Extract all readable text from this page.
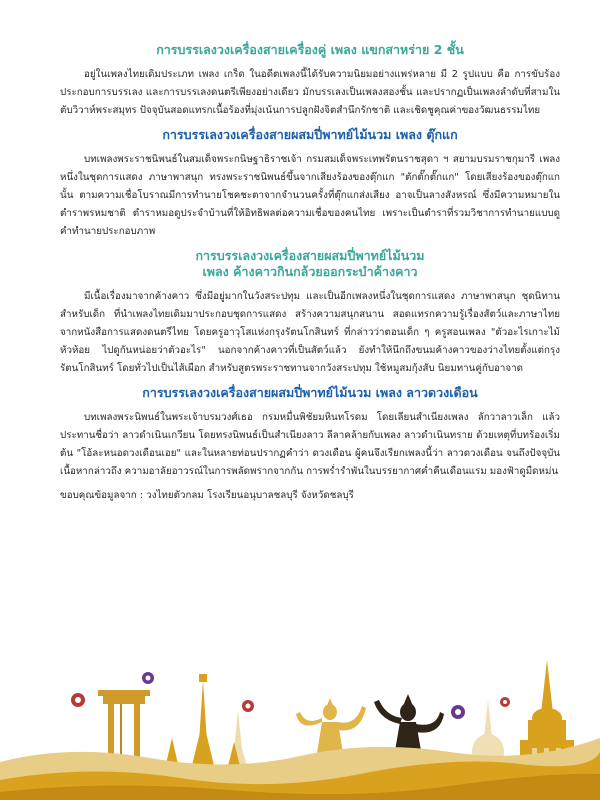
การบรรเลงวงเครื่องสายเครื่องคู่ เพลง แขกสาหร่าย 2 ชั้น

อยู่ในเพลงไทยเดิมประเภท เพลง เกร็ด ในอดีตเพลงนี้ได้รับความนิยมอย่างแพร่หลาย มี 2 รูปแบบ คือ การขับร้องประกอบการบรรเลง และการบรรเลงดนตรีเพียงอย่างเดียว มักบรรเลงเป็นเพลงสองชั้น และปรากฏเป็นเพลงลำดับที่สามในตับวิวาห์พระสมุทร ปัจจุบันสอดแทรกเนื้อร้องที่มุ่งเน้นการปลูกฝังจิตสำนึกรักชาติ และเชิดชูคุณค่าของวัฒนธรรมไทย

การบรรเลงวงเครื่องสายผสมปี่พาทย์ไม้นวม เพลง ตุ๊กแก

บทเพลงพระราชนิพนธ์ในสมเด็จพระกนิษฐาธิราชเจ้า กรมสมเด็จพระเทพรัตนราชสุดา ฯ สยามบรมราชกุมารี เพลงหนึ่งในชุดการแสดง ภาษาพาสนุก ทรงพระราชนิพนธ์ขึ้นจากเสียงร้องของตุ๊กแก "ตักตั๊กตั๊กแก" โดยเสียงร้องของตุ๊กแกนั้น ตามความเชื่อโบราณมีการทำนายโชคชะตาจากจำนวนครั้งที่ตุ๊กแกส่งเสียง อาจเป็นลางสังหรณ์ ซึ่งมีความหมายในตำราพรหมชาติ ตำราหมอดูประจำบ้านที่ให้อิทธิพลต่อความเชื่อของคนไทย เพราะเป็นตำราที่รวมวิชาการทำนายแบบดูคำทำนายประกอบภาพ

การบรรเลงวงเครื่องสายผสมปี่พาทย์ไม้นวม
เพลง ค้างคาวกินกล้วยออกระบำค้างคาว

มีเนื้อเรื่องมาจากค้างคาว ซึ่งมีอยู่มากในวังสระปทุม และเป็นอีกเพลงหนึ่งในชุดการแสดง ภาษาพาสนุก ชุดนิทานสำหรับเด็ก ที่นำเพลงไทยเดิมมาประกอบชุดการแสดง สร้างความสนุกสนาน สอดแทรกความรู้เรื่องสัตว์และภาษาไทย จากหนังสือการแสดงดนตรีไทย โดยครูอาวุโสแห่งกรุงรัตนโกสินทร์ ที่กล่าวว่าตอนเด็ก ๆ ครูสอนเพลง "ตัวอะไรเกาะไม้หัวห้อย ไปดูกันหน่อยว่าตัวอะไร" นอกจากค้างคาวที่เป็นสัตว์แล้ว ยังทำให้นึกถึงขนมค้างคาวของว่างไทยตั้งแต่กรุงรัตนโกสินทร์ โดยทั่วไปเป็นไส้เผือก สำหรับสูตรพระราชทานจากวังสระปทุม ใช้หมูสมกุ้งสับ นิยมทานคู่กับอาจาด

การบรรเลงวงเครื่องสายผสมปี่พาทย์ไม้นวม เพลง ลาวดวงเดือน

บทเพลงพระนิพนธ์ในพระเจ้าบรมวงศ์เธอ กรมหมื่นพิชัยมหินทโรดม โดยเลียนสำเนียงเพลง ลักวาลาวเล็ก แล้วประทานชื่อว่า ลาวดำเนินเกวียน โดยทรงนิพนธ์เป็นสำเนียงลาว ลีลาคล้ายกับเพลง ลาวดำเนินทราย ด้วยเหตุที่บทร้องเริ่มต้น "โอ้ละหนอดวงเดือนเอย" และในหลายท่อนปรากฏคำว่า ดวงเดือน ผู้คนจึงเรียกเพลงนี้ว่า ลาวดวงเดือน จนถึงปัจจุบัน เนื้อหากล่าวถึง ความอาลัยอาวรณ์ในการพลัดพรากจากกัน การพร่ำรำพันในบรรยากาศค่ำคืนเดือนแรม มองฟ้าดูมืดหม่น

ขอบคุณข้อมูลจาก : วงไทยตัวกลม โรงเรียนอนุบาลชลบุรี จังหวัดชลบุรี
